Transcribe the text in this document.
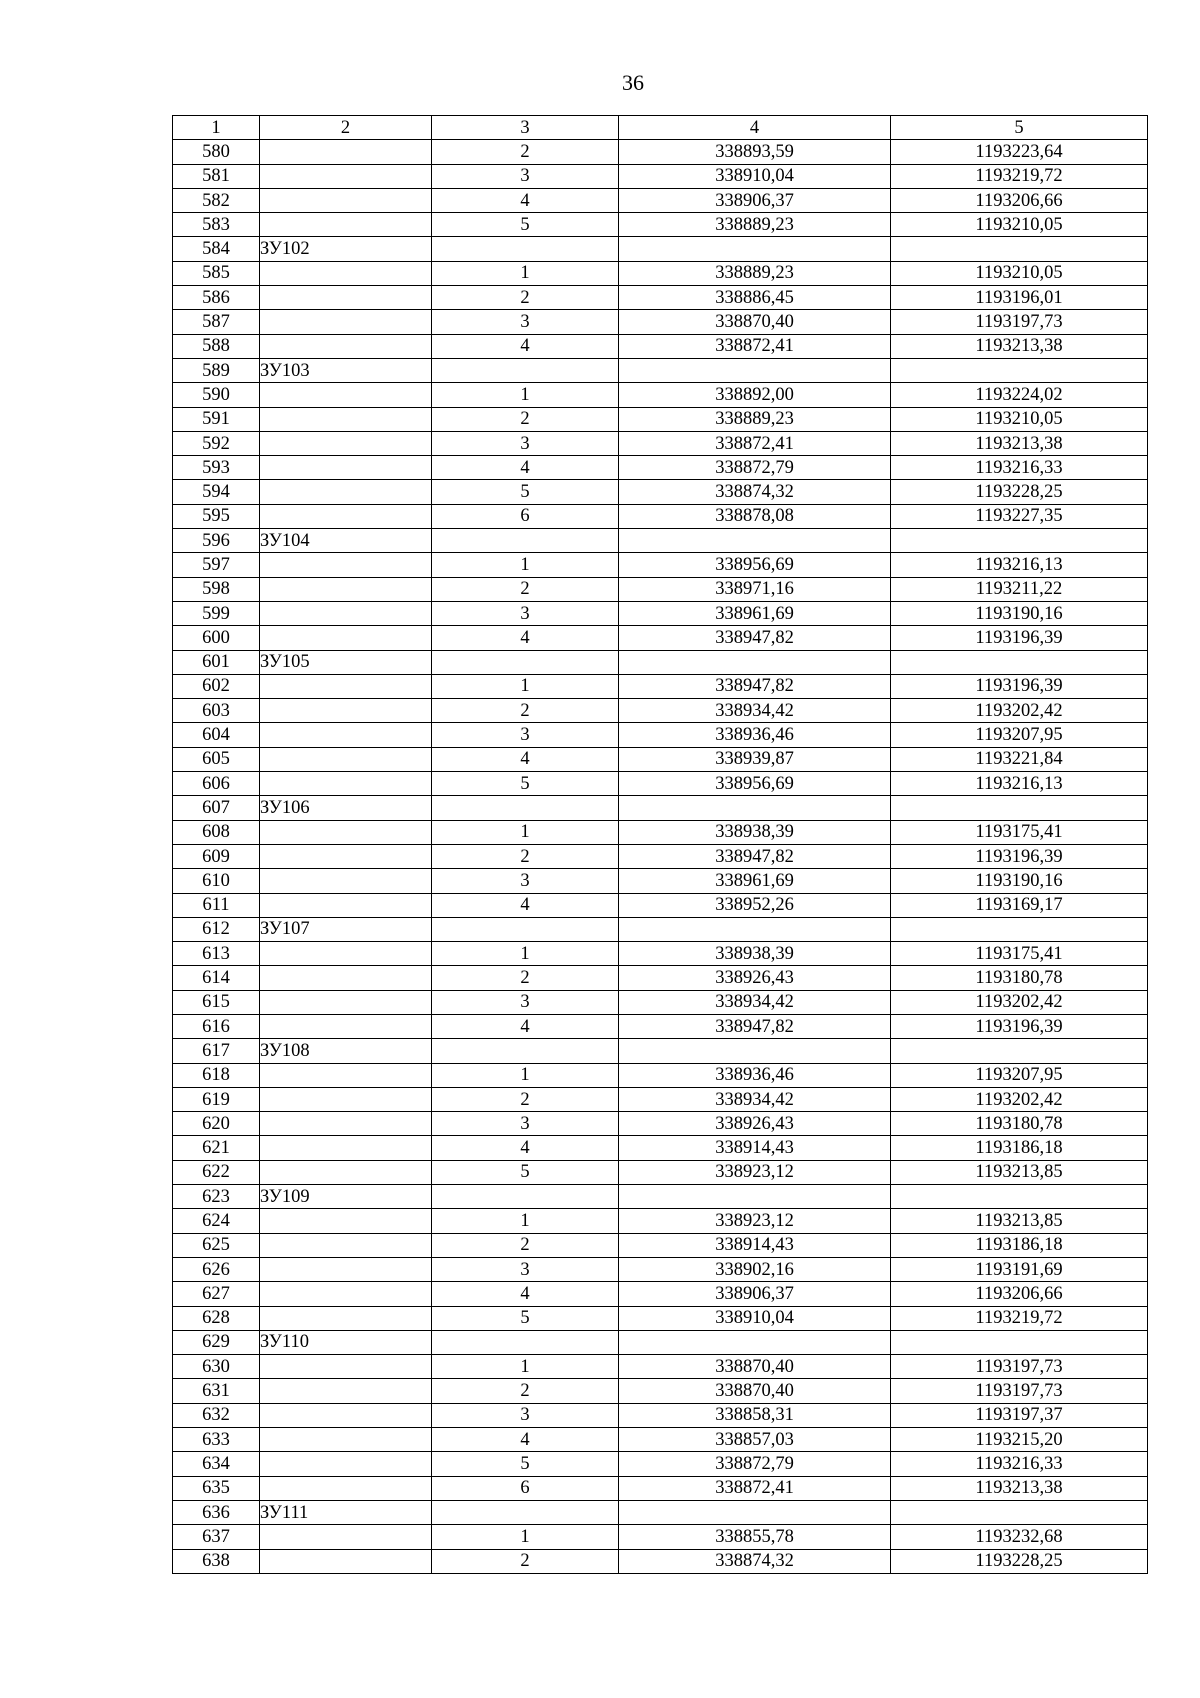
36
1	2	3	4	5
580		2	338893,59	1193223,64
581		3	338910,04	1193219,72
582		4	338906,37	1193206,66
583		5	338889,23	1193210,05
584	ЗУ102			
585		1	338889,23	1193210,05
586		2	338886,45	1193196,01
587		3	338870,40	1193197,73
588		4	338872,41	1193213,38
589	ЗУ103			
590		1	338892,00	1193224,02
591		2	338889,23	1193210,05
592		3	338872,41	1193213,38
593		4	338872,79	1193216,33
594		5	338874,32	1193228,25
595		6	338878,08	1193227,35
596	ЗУ104			
597		1	338956,69	1193216,13
598		2	338971,16	1193211,22
599		3	338961,69	1193190,16
600		4	338947,82	1193196,39
601	ЗУ105			
602		1	338947,82	1193196,39
603		2	338934,42	1193202,42
604		3	338936,46	1193207,95
605		4	338939,87	1193221,84
606		5	338956,69	1193216,13
607	ЗУ106			
608		1	338938,39	1193175,41
609		2	338947,82	1193196,39
610		3	338961,69	1193190,16
611		4	338952,26	1193169,17
612	ЗУ107			
613		1	338938,39	1193175,41
614		2	338926,43	1193180,78
615		3	338934,42	1193202,42
616		4	338947,82	1193196,39
617	ЗУ108			
618		1	338936,46	1193207,95
619		2	338934,42	1193202,42
620		3	338926,43	1193180,78
621		4	338914,43	1193186,18
622		5	338923,12	1193213,85
623	ЗУ109			
624		1	338923,12	1193213,85
625		2	338914,43	1193186,18
626		3	338902,16	1193191,69
627		4	338906,37	1193206,66
628		5	338910,04	1193219,72
629	ЗУ110			
630		1	338870,40	1193197,73
631		2	338870,40	1193197,73
632		3	338858,31	1193197,37
633		4	338857,03	1193215,20
634		5	338872,79	1193216,33
635		6	338872,41	1193213,38
636	ЗУ111			
637		1	338855,78	1193232,68
638		2	338874,32	1193228,25
